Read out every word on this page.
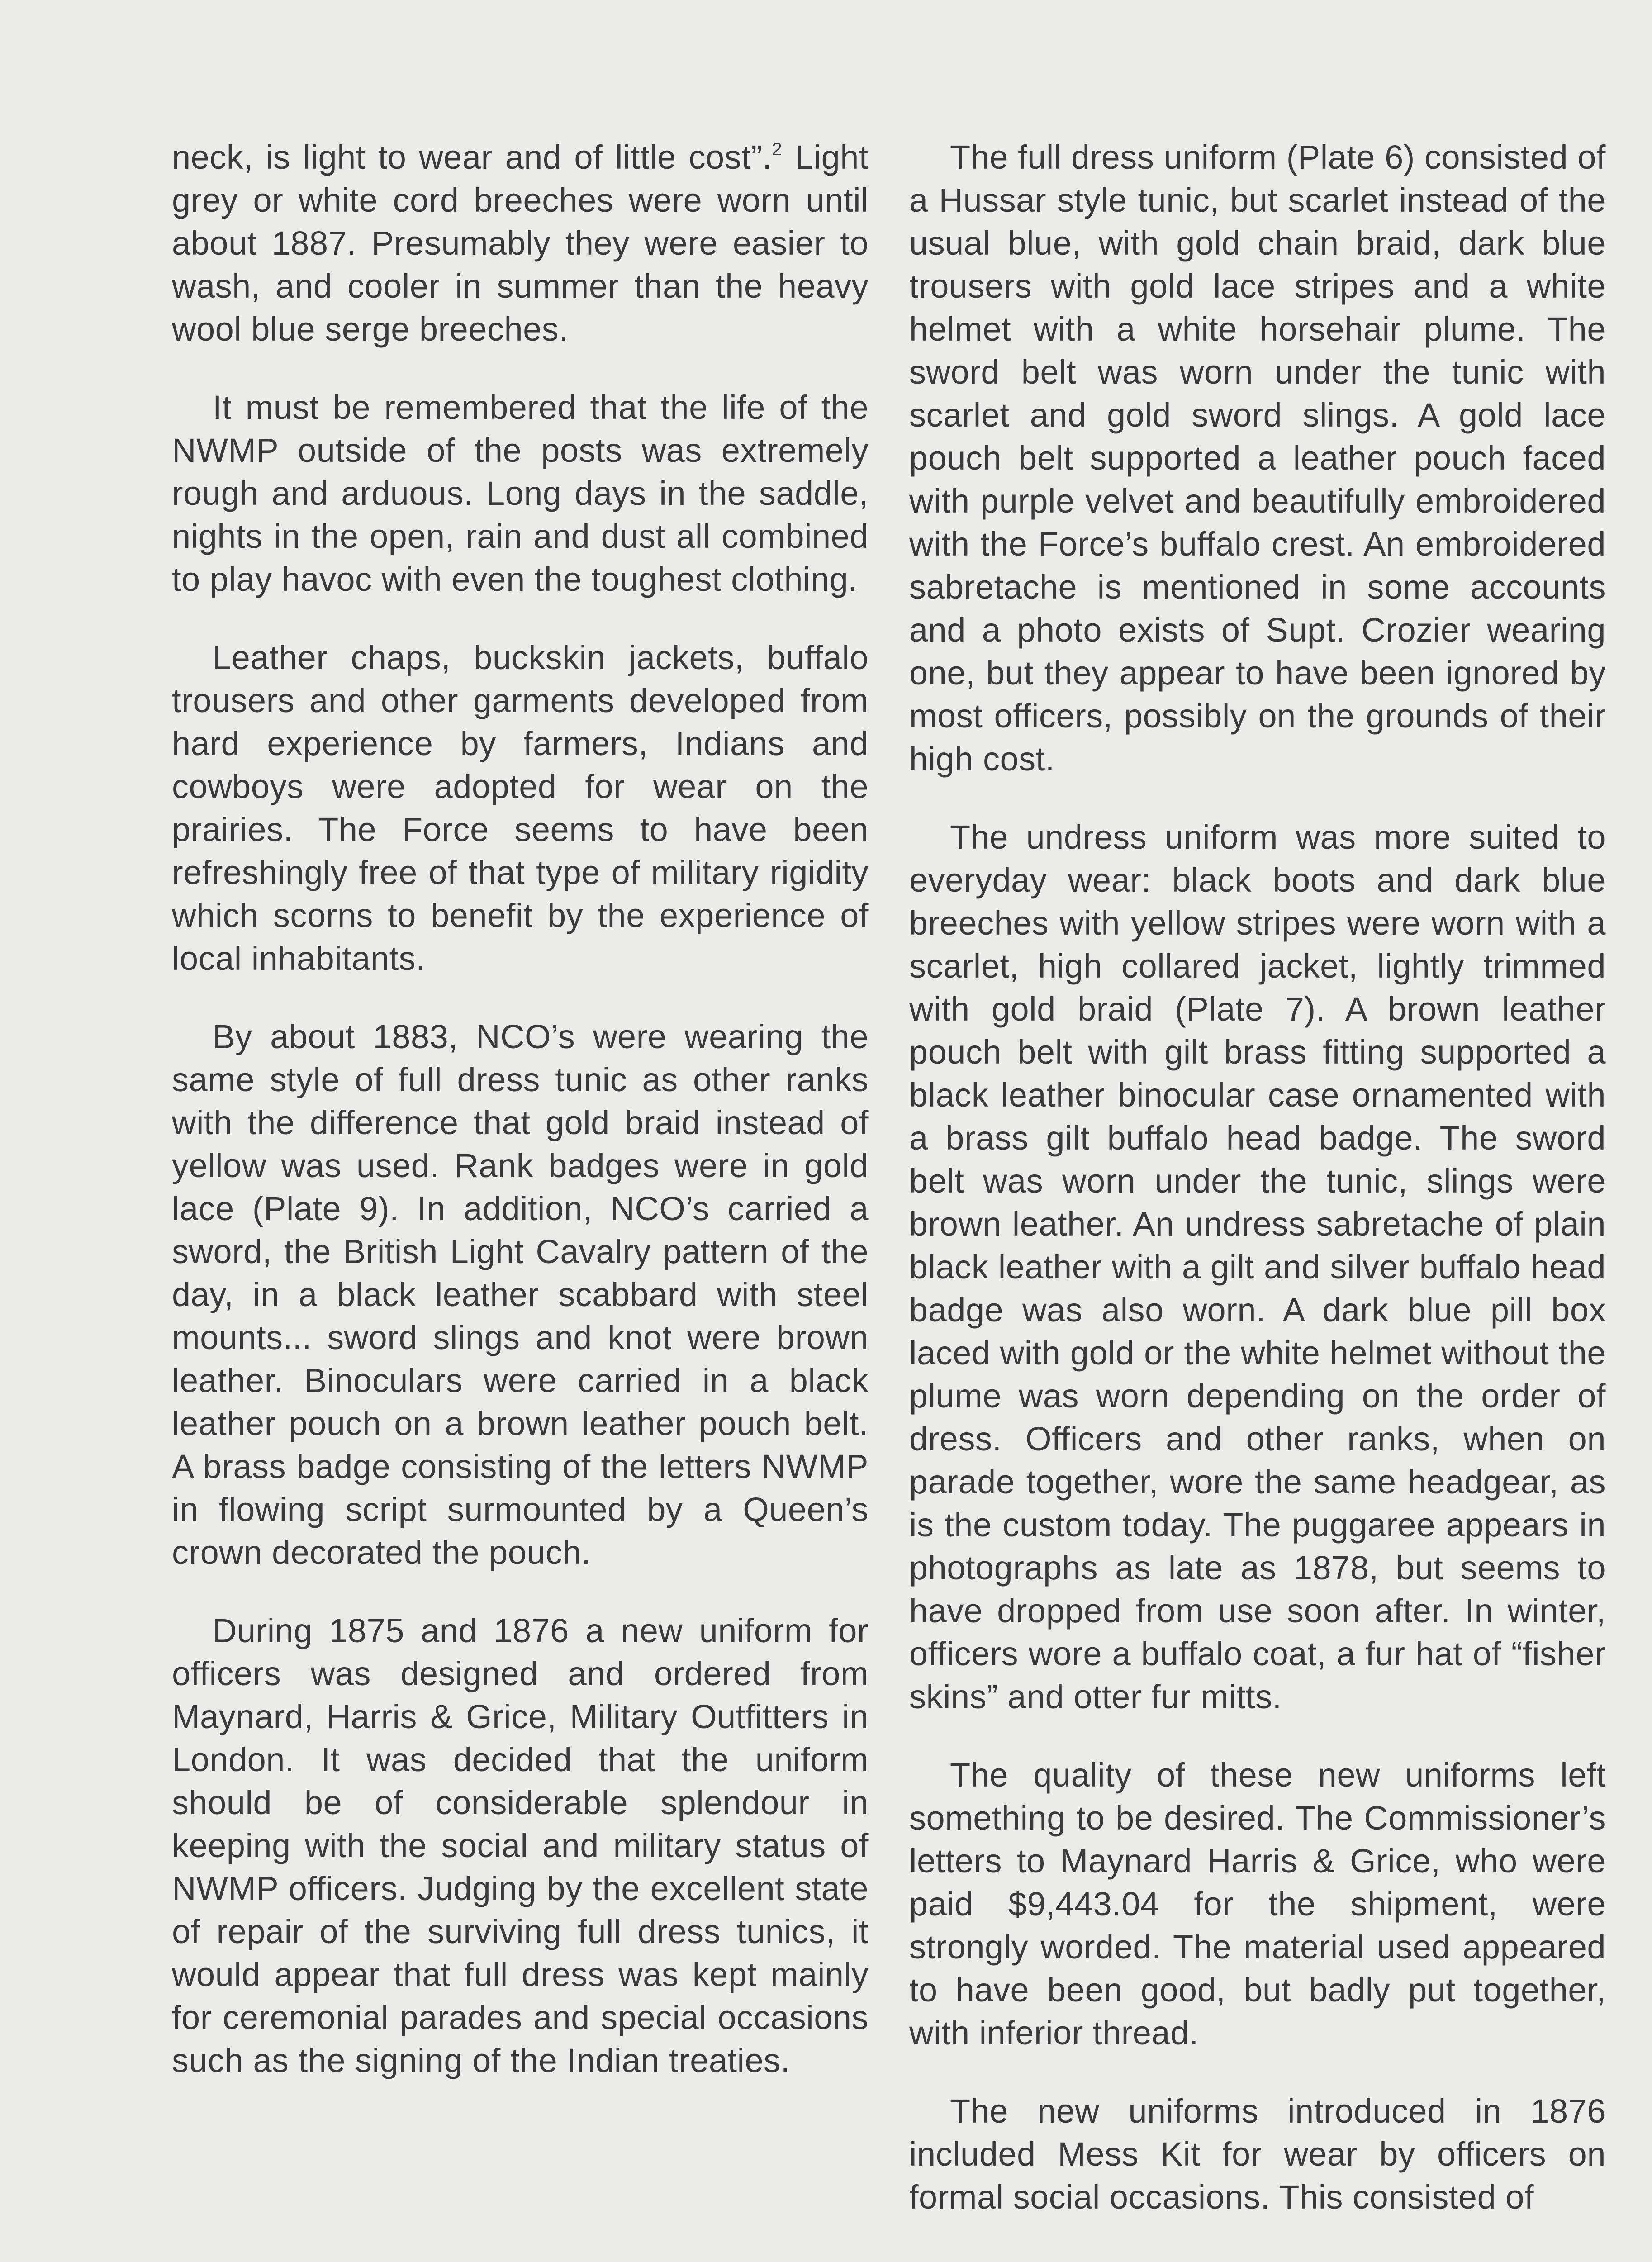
neck, is light to wear and of little cost”.$^2$ Light grey or white cord breeches were worn until about 1887. Presumably they were easier to wash, and cooler in summer than the heavy wool blue serge breeches.

It must be remembered that the life of the NWMP outside of the posts was extremely rough and arduous. Long days in the saddle, nights in the open, rain and dust all combined to play havoc with even the toughest clothing.

Leather chaps, buckskin jackets, buffalo trousers and other garments developed from hard experience by farmers, Indians and cowboys were adopted for wear on the prairies. The Force seems to have been refreshingly free of that type of military rigidity which scorns to benefit by the experience of local inhabitants.

By about 1883, NCO’s were wearing the same style of full dress tunic as other ranks with the difference that gold braid instead of yellow was used. Rank badges were in gold lace (Plate 9). In addition, NCO’s carried a sword, the British Light Cavalry pattern of the day, in a black leather scabbard with steel mounts... sword slings and knot were brown leather. Binoculars were carried in a black leather pouch on a brown leather pouch belt. A brass badge consisting of the letters NWMP in flowing script surmounted by a Queen’s crown decorated the pouch.

During 1875 and 1876 a new uniform for officers was designed and ordered from Maynard, Harris & Grice, Military Outfitters in London. It was decided that the uniform should be of considerable splendour in keeping with the social and military status of NWMP officers. Judging by the excellent state of repair of the surviving full dress tunics, it would appear that full dress was kept mainly for ceremonial parades and special occasions such as the signing of the Indian treaties.

The full dress uniform (Plate 6) consisted of a Hussar style tunic, but scarlet instead of the usual blue, with gold chain braid, dark blue trousers with gold lace stripes and a white helmet with a white horsehair plume. The sword belt was worn under the tunic with scarlet and gold sword slings. A gold lace pouch belt supported a leather pouch faced with purple velvet and beautifully embroidered with the Force’s buffalo crest. An embroidered sabretache is mentioned in some accounts and a photo exists of Supt. Crozier wearing one, but they appear to have been ignored by most officers, possibly on the grounds of their high cost.

The undress uniform was more suited to everyday wear: black boots and dark blue breeches with yellow stripes were worn with a scarlet, high collared jacket, lightly trimmed with gold braid (Plate 7). A brown leather pouch belt with gilt brass fitting supported a black leather binocular case ornamented with a brass gilt buffalo head badge. The sword belt was worn under the tunic, slings were brown leather. An undress sabretache of plain black leather with a gilt and silver buffalo head badge was also worn. A dark blue pill box laced with gold or the white helmet without the plume was worn depending on the order of dress. Officers and other ranks, when on parade together, wore the same headgear, as is the custom today. The puggaree appears in photographs as late as 1878, but seems to have dropped from use soon after. In winter, officers wore a buffalo coat, a fur hat of “fisher skins” and otter fur mitts.

The quality of these new uniforms left something to be desired. The Commissioner’s letters to Maynard Harris & Grice, who were paid $9,443.04 for the shipment, were strongly worded. The material used appeared to have been good, but badly put together, with inferior thread.

The new uniforms introduced in 1876 included Mess Kit for wear by officers on formal social occasions. This consisted of
